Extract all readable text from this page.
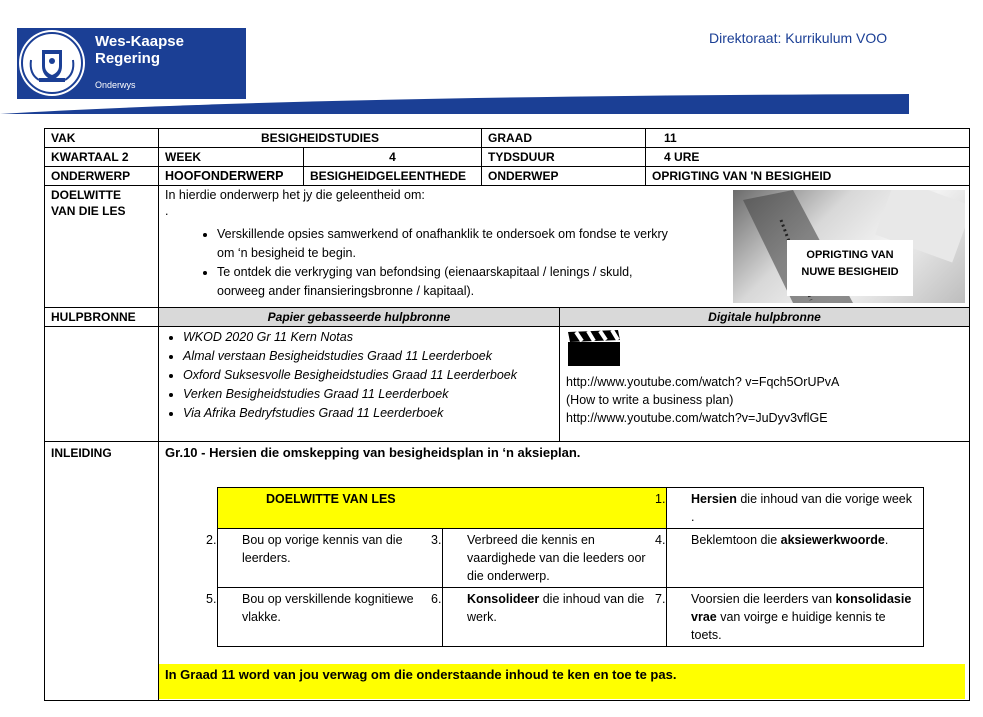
Wes-Kaapse
Regering
Onderwys
Direktoraat: Kurrikulum VOO
VAK	BESIGHEIDSTUDIES	GRAAD	11
KWARTAAL 2	WEEK	4	TYDSDUUR	4 URE
ONDERWERP	HOOFONDERWERP	BESIGHEIDGELEENTHEDE	ONDERWEP	OPRIGTING VAN 'N BESIGHEID

DOELWITTE
VAN DIE LES

In hierdie onderwerp het jy die geleentheid om:
.
• Verskillende opsies samwerkend of onafhanklik te ondersoek om fondse te verkry om ‘n besigheid te begin.
• Te ontdek die verkryging van befondsing (eienaarskapitaal / lenings / skuld, oorweeg ander finansieringsbronne / kapitaal).
OPRIGTING VAN
NUWE BESIGHEID

HULPBRONNE	Papier gebasseerde hulpbronne	Digitale hulpbronne

• WKOD 2020 Gr 11 Kern Notas
• Almal verstaan Besigheidstudies Graad 11 Leerderboek
• Oxford Suksesvolle Besigheidstudies Graad 11 Leerderboek
• Verken Besigheidstudies Graad 11 Leerderboek
• Via Afrika Bedryfstudies Graad 11 Leerderboek

http://www.youtube.com/watch? v=Fqch5OrUPvA
(How to write a business plan)
http://www.youtube.com/watch?v=JuDyv3vflGE

INLEIDING	Gr.10 - Hersien die omskepping van besigheidsplan in ‘n aksieplan.
DOELWITTE VAN LES	1. Hersien die inhoud van die vorige week .
2. Bou op vorige kennis van die leerders.	3. Verbreed die kennis en vaardighede van die leeders oor die onderwerp.	4. Beklemtoon die aksiewerkwoorde.
5. Bou op verskillende kognitiewe vlakke.	6. Konsolideer die inhoud van die werk.	7. Voorsien die leerders van konsolidasie vrae van voirge e huidige kennis te toets.
In Graad 11 word van jou verwag om die onderstaande inhoud te ken en toe te pas.
